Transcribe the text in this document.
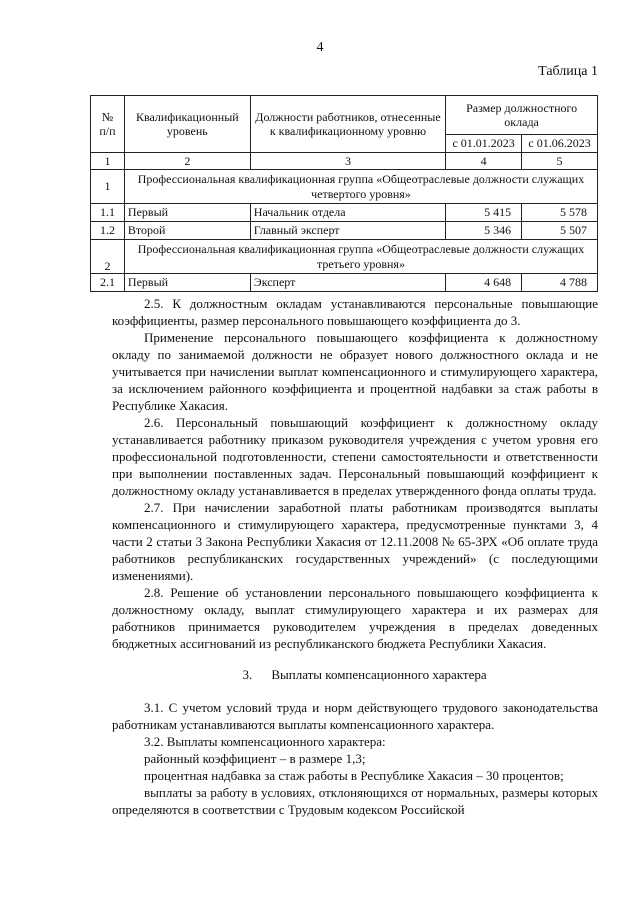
4
Таблица 1
№
п/п	Квалификационный уровень	Должности работников, отнесенные к квалификационному уровню	Размер должностного оклада	
			с 01.01.2023	с 01.06.2023
1	2	3	4	5
1	Профессиональная квалификационная группа «Общеотраслевые должности служащих четвертого уровня»			
1.1	Первый	Начальник отдела	5 415	5 578
1.2	Второй	Главный эксперт	5 346	5 507
2	Профессиональная квалификационная группа «Общеотраслевые должности служащих третьего уровня»			
2.1	Первый	Эксперт	4 648	4 788

2.5. К должностным окладам устанавливаются персональные повышающие коэффициенты, размер персонального повышающего коэффициента до 3.

Применение персонального повышающего коэффициента к должностному окладу по занимаемой должности не образует нового должностного оклада и не учитывается при начислении выплат компенсационного и стимулирующего характера, за исключением районного коэффициента и процентной надбавки за стаж работы в Республике Хакасия.

2.6. Персональный повышающий коэффициент к должностному окладу устанавливается работнику приказом руководителя учреждения с учетом уровня его профессиональной подготовленности, степени самостоятельности и ответственности при выполнении поставленных задач. Персональный повышающий коэффициент к должностному окладу устанавливается в пределах утвержденного фонда оплаты труда.

2.7. При начислении заработной платы работникам производятся выплаты компенсационного и стимулирующего характера, предусмотренные пунктами 3, 4 части 2 статьи 3 Закона Республики Хакасия от 12.11.2008 № 65-ЗРХ «Об оплате труда работников республиканских государственных учреждений» (с последующими изменениями).

2.8. Решение об установлении персонального повышающего коэффициента к должностному окладу, выплат стимулирующего характера и их размерах для работников принимается руководителем учреждения в пределах доведенных бюджетных ассигнований из республиканского бюджета Республики Хакасия.

3. Выплаты компенсационного характера

3.1. С учетом условий труда и норм действующего трудового законодательства работникам устанавливаются выплаты компенсационного характера.

3.2. Выплаты компенсационного характера:

районный коэффициент – в размере 1,3;

процентная надбавка за стаж работы в Республике Хакасия – 30 процентов;

выплаты за работу в условиях, отклоняющихся от нормальных, размеры которых определяются в соответствии с Трудовым кодексом Российской
